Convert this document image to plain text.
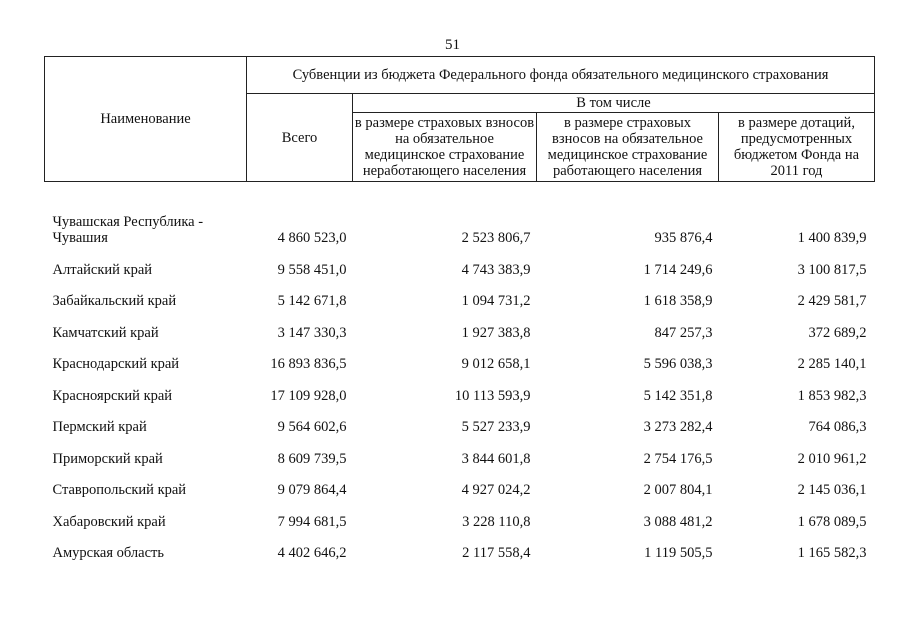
51
Наименование	Субвенции из бюджета Федерального фонда обязательного медицинского страхования			
	Всего	В том числе		
		в размере страховых взносов на обязательное медицинское страхование неработающего населения	в размере страховых взносов на обязательное медицинское страхование работающего населения	в размере дотаций, предусмотренных бюджетом Фонда на 2011 год

Чувашская Республика - Чувашия	4 860 523,0	2 523 806,7	935 876,4	1 400 839,9
Алтайский край	9 558 451,0	4 743 383,9	1 714 249,6	3 100 817,5
Забайкальский край	5 142 671,8	1 094 731,2	1 618 358,9	2 429 581,7
Камчатский край	3 147 330,3	1 927 383,8	847 257,3	372 689,2
Краснодарский край	16 893 836,5	9 012 658,1	5 596 038,3	2 285 140,1
Красноярский край	17 109 928,0	10 113 593,9	5 142 351,8	1 853 982,3
Пермский край	9 564 602,6	5 527 233,9	3 273 282,4	764 086,3
Приморский край	8 609 739,5	3 844 601,8	2 754 176,5	2 010 961,2
Ставропольский край	9 079 864,4	4 927 024,2	2 007 804,1	2 145 036,1
Хабаровский край	7 994 681,5	3 228 110,8	3 088 481,2	1 678 089,5
Амурская область	4 402 646,2	2 117 558,4	1 119 505,5	1 165 582,3
